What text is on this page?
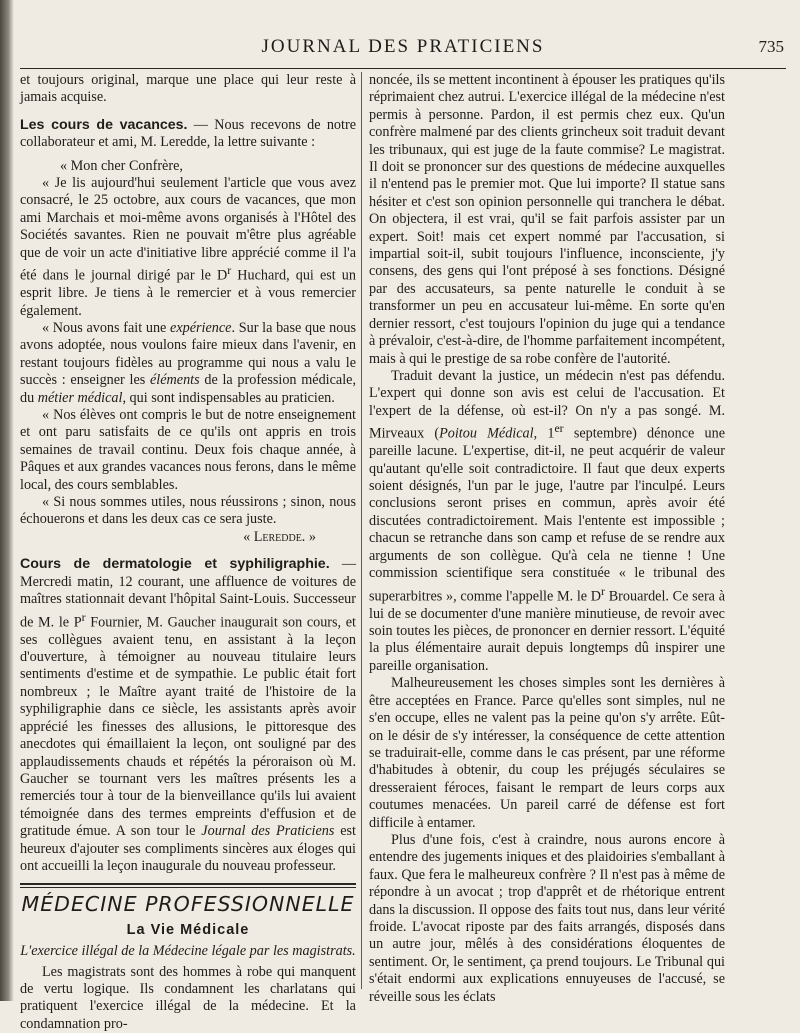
JOURNAL DES PRATICIENS	735

et toujours original, marque une place qui leur reste à jamais acquise.

Les cours de vacances. — Nous recevons de notre collaborateur et ami, M. Leredde, la lettre suivante :

« Mon cher Confrère,

« Je lis aujourd'hui seulement l'article que vous avez consacré, le 25 octobre, aux cours de vacances, que mon ami Marchais et moi-même avons organisés à l'Hôtel des Sociétés savantes. Rien ne pouvait m'être plus agréable que de voir un acte d'initiative libre apprécié comme il l'a été dans le journal dirigé par le $D^r$ Huchard, qui est un esprit libre. Je tiens à le remercier et à vous remercier également.

« Nous avons fait une expérience. Sur la base que nous avons adoptée, nous voulons faire mieux dans l'avenir, en restant toujours fidèles au programme qui nous a valu le succès : enseigner les éléments de la profession médicale, du métier médical, qui sont indispensables au praticien.

« Nos élèves ont compris le but de notre enseignement et ont paru satisfaits de ce qu'ils ont appris en trois semaines de travail continu. Deux fois chaque année, à Pâques et aux grandes vacances nous ferons, dans le même local, des cours semblables.

« Si nous sommes utiles, nous réussirons ; sinon, nous échouerons et dans les deux cas ce sera juste.

« Leredde. »

Cours de dermatologie et syphiligraphie. — Mercredi matin, 12 courant, une affluence de voitures de maîtres stationnait devant l'hôpital Saint-Louis. Successeur de M. le $P^r$ Fournier, M. Gaucher inaugurait son cours, et ses collègues avaient tenu, en assistant à la leçon d'ouverture, à témoigner au nouveau titulaire leurs sentiments d'estime et de sympathie. Le public était fort nombreux ; le Maître ayant traité de l'histoire de la syphiligraphie dans ce siècle, les assistants après avoir apprécié les finesses des allusions, le pittoresque des anecdotes qui émaillaient la leçon, ont souligné par des applaudissements chauds et répétés la péroraison où M. Gaucher se tournant vers les maîtres présents les a remerciés tour à tour de la bienveillance qu'ils lui avaient témoignée dans des termes empreints d'effusion et de gratitude émue. A son tour le Journal des Praticiens est heureux d'ajouter ses compliments sincères aux éloges qui ont accueilli la leçon inaugurale du nouveau professeur.

MÉDECINE PROFESSIONNELLE
La Vie Médicale
L'exercice illégal de la Médecine légale par les magistrats.

Les magistrats sont des hommes à robe qui manquent de vertu logique. Ils condamnent les charlatans qui pratiquent l'exercice illégal de la médecine. Et la condamnation pro-

noncée, ils se mettent incontinent à épouser les pratiques qu'ils réprimaient chez autrui. L'exercice illégal de la médecine n'est permis à personne. Pardon, il est permis chez eux. Qu'un confrère malmené par des clients grincheux soit traduit devant les tribunaux, qui est juge de la faute commise? Le magistrat. Il doit se prononcer sur des questions de médecine auxquelles il n'entend pas le premier mot. Que lui importe? Il statue sans hésiter et c'est son opinion personnelle qui tranchera le débat. On objectera, il est vrai, qu'il se fait parfois assister par un expert. Soit! mais cet expert nommé par l'accusation, si impartial soit-il, subit toujours l'influence, inconsciente, j'y consens, des gens qui l'ont préposé à ses fonctions. Désigné par des accusateurs, sa pente naturelle le conduit à se transformer un peu en accusateur lui-même. En sorte qu'en dernier ressort, c'est toujours l'opinion du juge qui a tendance à prévaloir, c'est-à-dire, de l'homme parfaitement incompétent, mais à qui le prestige de sa robe confère de l'autorité.

Traduit devant la justice, un médecin n'est pas défendu. L'expert qui donne son avis est celui de l'accusation. Et l'expert de la défense, où est-il? On n'y a pas songé. M. Mirveaux (Poitou Médical, 1er septembre) dénonce une pareille lacune. L'expertise, dit-il, ne peut acquérir de valeur qu'autant qu'elle soit contradictoire. Il faut que deux experts soient désignés, l'un par le juge, l'autre par l'inculpé. Leurs conclusions seront prises en commun, après avoir été discutées contradictoirement. Mais l'entente est impossible ; chacun se retranche dans son camp et refuse de se rendre aux arguments de son collègue. Qu'à cela ne tienne ! Une commission scientifique sera constituée « le tribunal des superarbitres », comme l'appelle M. le $D^r$ Brouardel. Ce sera à lui de se documenter d'une manière minutieuse, de revoir avec soin toutes les pièces, de prononcer en dernier ressort. L'équité la plus élémentaire aurait depuis longtemps dû inspirer une pareille organisation.

Malheureusement les choses simples sont les dernières à être acceptées en France. Parce qu'elles sont simples, nul ne s'en occupe, elles ne valent pas la peine qu'on s'y arrête. Eût-on le désir de s'y intéresser, la conséquence de cette attention se traduirait-elle, comme dans le cas présent, par une réforme d'habitudes à obtenir, du coup les préjugés séculaires se dresseraient féroces, faisant le rempart de leurs corps aux coutumes menacées. Un pareil carré de défense est fort difficile à entamer.

Plus d'une fois, c'est à craindre, nous aurons encore à entendre des jugements iniques et des plaidoiries s'emballant à faux. Que fera le malheureux confrère ? Il n'est pas à même de répondre à un avocat ; trop d'apprêt et de rhétorique entrent dans la discussion. Il oppose des faits tout nus, dans leur vérité froide. L'avocat riposte par des faits arrangés, disposés dans un autre jour, mêlés à des considérations éloquentes de sentiment. Or, le sentiment, ça prend toujours. Le Tribunal qui s'était endormi aux explications ennuyeuses de l'accusé, se réveille sous les éclats
